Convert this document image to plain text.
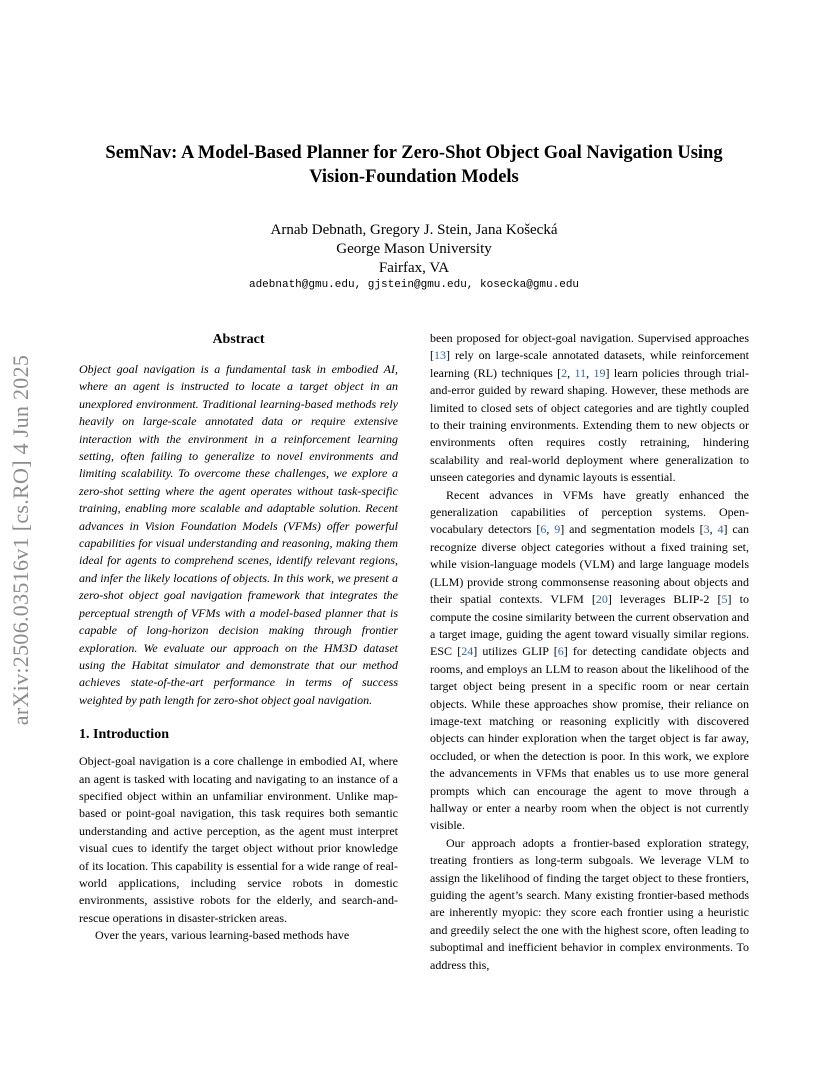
arXiv:2506.03516v1 [cs.RO] 4 Jun 2025
SemNav: A Model-Based Planner for Zero-Shot Object Goal Navigation Using
Vision-Foundation Models
Arnab Debnath, Gregory J. Stein, Jana Košecká
George Mason University
Fairfax, VA
adebnath@gmu.edu, gjstein@gmu.edu, kosecka@gmu.edu
Abstract

Object goal navigation is a fundamental task in embodied AI, where an agent is instructed to locate a target object in an unexplored environment. Traditional learning-based methods rely heavily on large-scale annotated data or require extensive interaction with the environment in a reinforcement learning setting, often failing to generalize to novel environments and limiting scalability. To overcome these challenges, we explore a zero-shot setting where the agent operates without task-specific training, enabling more scalable and adaptable solution. Recent advances in Vision Foundation Models (VFMs) offer powerful capabilities for visual understanding and reasoning, making them ideal for agents to comprehend scenes, identify relevant regions, and infer the likely locations of objects. In this work, we present a zero-shot object goal navigation framework that integrates the perceptual strength of VFMs with a model-based planner that is capable of long-horizon decision making through frontier exploration. We evaluate our approach on the HM3D dataset using the Habitat simulator and demonstrate that our method achieves state-of-the-art performance in terms of success weighted by path length for zero-shot object goal navigation.

1. Introduction

Object-goal navigation is a core challenge in embodied AI, where an agent is tasked with locating and navigating to an instance of a specified object within an unfamiliar environment. Unlike map-based or point-goal navigation, this task requires both semantic understanding and active perception, as the agent must interpret visual cues to identify the target object without prior knowledge of its location. This capability is essential for a wide range of real-world applications, including service robots in domestic environments, assistive robots for the elderly, and search-and-rescue operations in disaster-stricken areas.

Over the years, various learning-based methods have

been proposed for object-goal navigation. Supervised approaches [13] rely on large-scale annotated datasets, while reinforcement learning (RL) techniques [2, 11, 19] learn policies through trial-and-error guided by reward shaping. However, these methods are limited to closed sets of object categories and are tightly coupled to their training environments. Extending them to new objects or environments often requires costly retraining, hindering scalability and real-world deployment where generalization to unseen categories and dynamic layouts is essential.

Recent advances in VFMs have greatly enhanced the generalization capabilities of perception systems. Open-vocabulary detectors [6, 9] and segmentation models [3, 4] can recognize diverse object categories without a fixed training set, while vision-language models (VLM) and large language models (LLM) provide strong commonsense reasoning about objects and their spatial contexts. VLFM [20] leverages BLIP-2 [5] to compute the cosine similarity between the current observation and a target image, guiding the agent toward visually similar regions. ESC [24] utilizes GLIP [6] for detecting candidate objects and rooms, and employs an LLM to reason about the likelihood of the target object being present in a specific room or near certain objects. While these approaches show promise, their reliance on image-text matching or reasoning explicitly with discovered objects can hinder exploration when the target object is far away, occluded, or when the detection is poor. In this work, we explore the advancements in VFMs that enables us to use more general prompts which can encourage the agent to move through a hallway or enter a nearby room when the object is not currently visible.

Our approach adopts a frontier-based exploration strategy, treating frontiers as long-term subgoals. We leverage VLM to assign the likelihood of finding the target object to these frontiers, guiding the agent’s search. Many existing frontier-based methods are inherently myopic: they score each frontier using a heuristic and greedily select the one with the highest score, often leading to suboptimal and inefficient behavior in complex environments. To address this,
